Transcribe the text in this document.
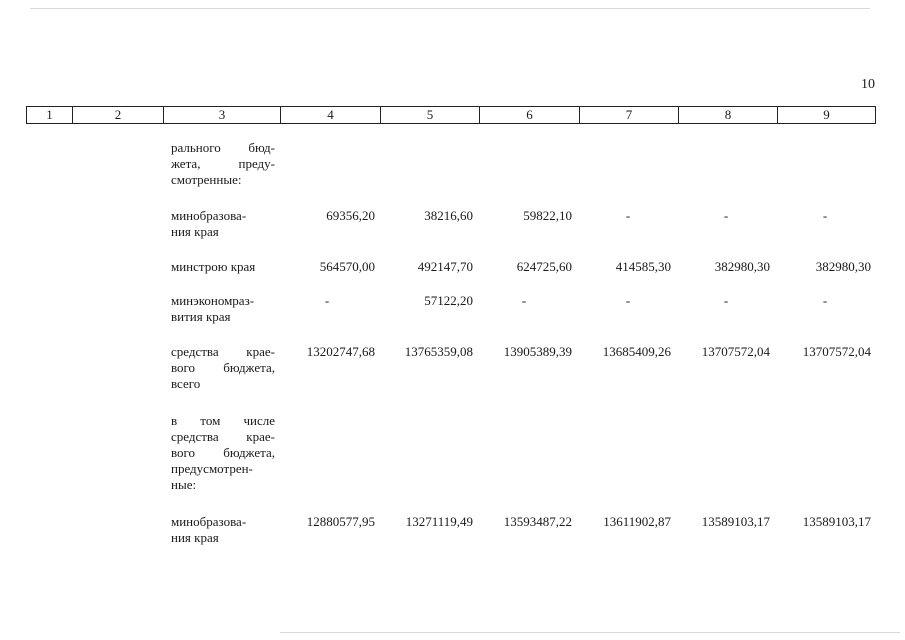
10
1	2	3	4	5	6	7	8	9
рального бюд-
жета, преду-
смотренные:
минобразова-
ния края
69356,20	38216,60	59822,10	-	-	-
минстрою края	564570,00	492147,70	624725,60	414585,30	382980,30	382980,30
минэкономраз-
вития края
-	57122,20	-	-	-	-
средства крае-
вого бюджета,
всего
13202747,68	13765359,08	13905389,39	13685409,26	13707572,04	13707572,04
в том числе
средства крае-
вого бюджета,
предусмотрен-
ные:
минобразова-
ния края
12880577,95	13271119,49	13593487,22	13611902,87	13589103,17	13589103,17
